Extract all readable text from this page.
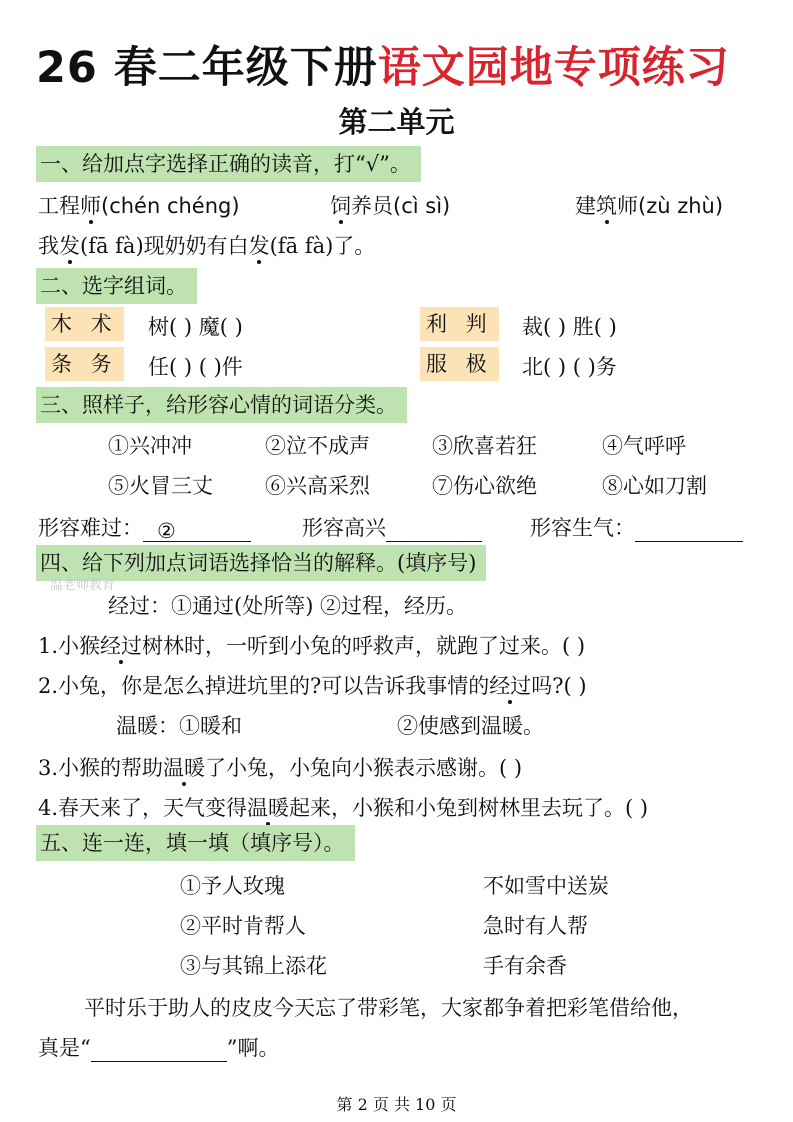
26 春二年级下册语文园地专项练习
第二单元
一、给加点字选择正确的读音，打“√”。
工程师(chén chéng)	饲养员(cì sì)	建筑师(zù zhù)
我发(fā fà)现奶奶有白发(fā fà)了。
二、选字组词。
木 术 树( ) 魔( )	利 判 裁( ) 胜( )
条 务 任( ) ( )件	服 极 北( ) ( )务
三、照样子，给形容心情的词语分类。
①兴冲冲	②泣不成声	③欣喜若狂	④气呼呼
⑤火冒三丈 ⑥兴高采烈	⑦伤心欲绝	⑧心如刀割
形容难过： ②	形容高兴	形容生气：
四、给下列加点词语选择恰当的解释。(填序号)
温老师教育
经过：①通过(处所等) ②过程，经历。
1.小猴经过树林时，一听到小兔的呼救声，就跑了过来。( )
2.小兔，你是怎么掉进坑里的?可以告诉我事情的经过吗?( )
温暖：①暖和	②使感到温暖。
3.小猴的帮助温暖了小兔，小兔向小猴表示感谢。( )
4.春天来了，天气变得温暖起来，小猴和小兔到树林里去玩了。( )
五、连一连，填一填（填序号）。
①予人玫瑰	不如雪中送炭
②平时肯帮人	急时有人帮
③与其锦上添花	手有余香
平时乐于助人的皮皮今天忘了带彩笔，大家都争着把彩笔借给他，
真是“	”啊。
第 2 页 共 10 页
